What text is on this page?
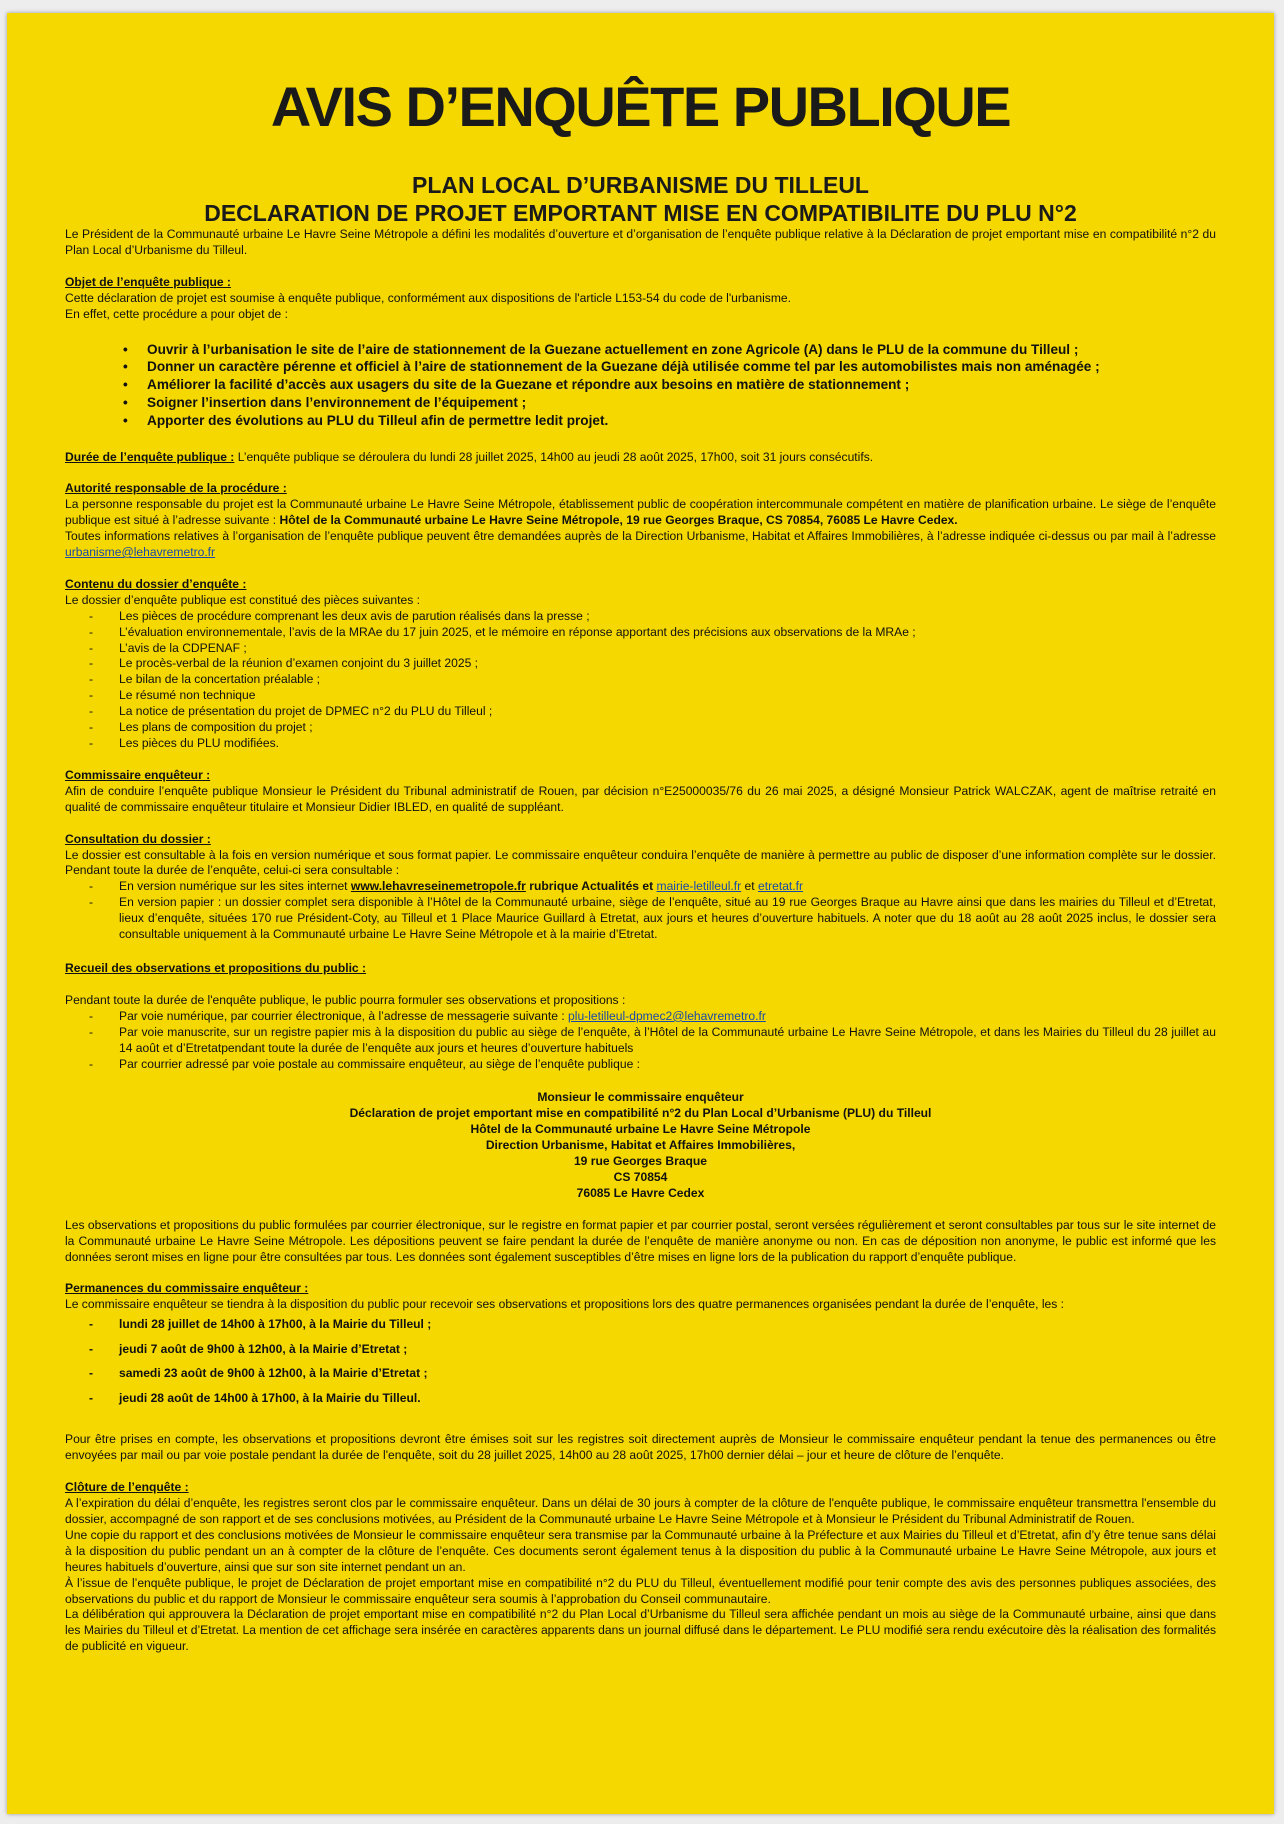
AVIS D’ENQUÊTE PUBLIQUE
PLAN LOCAL D’URBANISME DU TILLEUL
DECLARATION DE PROJET EMPORTANT MISE EN COMPATIBILITE DU PLU N°2

Le Président de la Communauté urbaine Le Havre Seine Métropole a défini les modalités d’ouverture et d’organisation de l’enquête publique relative à la Déclaration de projet emportant mise en compatibilité n°2 du Plan Local d’Urbanisme du Tilleul.

Objet de l’enquête publique :

Cette déclaration de projet est soumise à enquête publique, conformément aux dispositions de l'article L153-54 du code de l'urbanisme.

En effet, cette procédure a pour objet de :

• Ouvrir à l’urbanisation le site de l’aire de stationnement de la Guezane actuellement en zone Agricole (A) dans le PLU de la commune du Tilleul ;
• Donner un caractère pérenne et officiel à l’aire de stationnement de la Guezane déjà utilisée comme tel par les automobilistes mais non aménagée ;
• Améliorer la facilité d’accès aux usagers du site de la Guezane et répondre aux besoins en matière de stationnement ;
• Soigner l’insertion dans l’environnement de l’équipement ;
• Apporter des évolutions au PLU du Tilleul afin de permettre ledit projet.

Durée de l’enquête publique : L’enquête publique se déroulera du lundi 28 juillet 2025, 14h00 au jeudi 28 août 2025, 17h00, soit 31 jours consécutifs.

Autorité responsable de la procédure :

La personne responsable du projet est la Communauté urbaine Le Havre Seine Métropole, établissement public de coopération intercommunale compétent en matière de planification urbaine. Le siège de l’enquête publique est situé à l’adresse suivante : Hôtel de la Communauté urbaine Le Havre Seine Métropole, 19 rue Georges Braque, CS 70854, 76085 Le Havre Cedex.

Toutes informations relatives à l’organisation de l’enquête publique peuvent être demandées auprès de la Direction Urbanisme, Habitat et Affaires Immobilières, à l’adresse indiquée ci-dessus ou par mail à l’adresse urbanisme@lehavremetro.fr

Contenu du dossier d’enquête :

Le dossier d’enquête publique est constitué des pièces suivantes :

- Les pièces de procédure comprenant les deux avis de parution réalisés dans la presse ;
- L’évaluation environnementale, l’avis de la MRAe du 17 juin 2025, et le mémoire en réponse apportant des précisions aux observations de la MRAe ;
- L’avis de la CDPENAF ;
- Le procès-verbal de la réunion d’examen conjoint du 3 juillet 2025 ;
- Le bilan de la concertation préalable ;
- Le résumé non technique
- La notice de présentation du projet de DPMEC n°2 du PLU du Tilleul ;
- Les plans de composition du projet ;
- Les pièces du PLU modifiées.

Commissaire enquêteur :

Afin de conduire l’enquête publique Monsieur le Président du Tribunal administratif de Rouen, par décision n°E25000035/76 du 26 mai 2025, a désigné Monsieur Patrick WALCZAK, agent de maîtrise retraité en qualité de commissaire enquêteur titulaire et Monsieur Didier IBLED, en qualité de suppléant.

Consultation du dossier :

Le dossier est consultable à la fois en version numérique et sous format papier. Le commissaire enquêteur conduira l’enquête de manière à permettre au public de disposer d’une information complète sur le dossier. Pendant toute la durée de l’enquête, celui-ci sera consultable :

- En version numérique sur les sites internet www.lehavreseinemetropole.fr rubrique Actualités et mairie-letilleul.fr et etretat.fr
- En version papier : un dossier complet sera disponible à l’Hôtel de la Communauté urbaine, siège de l’enquête, situé au 19 rue Georges Braque au Havre ainsi que dans les mairies du Tilleul et d’Etretat, lieux d’enquête, situées 170 rue Président-Coty, au Tilleul et 1 Place Maurice Guillard à Etretat, aux jours et heures d’ouverture habituels. A noter que du 18 août au 28 août 2025 inclus, le dossier sera consultable uniquement à la Communauté urbaine Le Havre Seine Métropole et à la mairie d’Etretat.

Recueil des observations et propositions du public :

Pendant toute la durée de l'enquête publique, le public pourra formuler ses observations et propositions :

- Par voie numérique, par courrier électronique, à l’adresse de messagerie suivante : plu-letilleul-dpmec2@lehavremetro.fr
- Par voie manuscrite, sur un registre papier mis à la disposition du public au siège de l’enquête, à l’Hôtel de la Communauté urbaine Le Havre Seine Métropole, et dans les Mairies du Tilleul du 28 juillet au 14 août et d’Etretatpendant toute la durée de l’enquête aux jours et heures d’ouverture habituels
- Par courrier adressé par voie postale au commissaire enquêteur, au siège de l’enquête publique :
Monsieur le commissaire enquêteur
Déclaration de projet emportant mise en compatibilité n°2 du Plan Local d’Urbanisme (PLU) du Tilleul
Hôtel de la Communauté urbaine Le Havre Seine Métropole
Direction Urbanisme, Habitat et Affaires Immobilières,
19 rue Georges Braque
CS 70854
76085 Le Havre Cedex

Les observations et propositions du public formulées par courrier électronique, sur le registre en format papier et par courrier postal, seront versées régulièrement et seront consultables par tous sur le site internet de la Communauté urbaine Le Havre Seine Métropole. Les dépositions peuvent se faire pendant la durée de l’enquête de manière anonyme ou non. En cas de déposition non anonyme, le public est informé que les données seront mises en ligne pour être consultées par tous. Les données sont également susceptibles d’être mises en ligne lors de la publication du rapport d’enquête publique.

Permanences du commissaire enquêteur :

Le commissaire enquêteur se tiendra à la disposition du public pour recevoir ses observations et propositions lors des quatre permanences organisées pendant la durée de l’enquête, les :

- lundi 28 juillet de 14h00 à 17h00, à la Mairie du Tilleul ;
- jeudi 7 août de 9h00 à 12h00, à la Mairie d’Etretat ;
- samedi 23 août de 9h00 à 12h00, à la Mairie d’Etretat ;
- jeudi 28 août de 14h00 à 17h00, à la Mairie du Tilleul.

Pour être prises en compte, les observations et propositions devront être émises soit sur les registres soit directement auprès de Monsieur le commissaire enquêteur pendant la tenue des permanences ou être envoyées par mail ou par voie postale pendant la durée de l'enquête, soit du 28 juillet 2025, 14h00 au 28 août 2025, 17h00 dernier délai – jour et heure de clôture de l’enquête.

Clôture de l’enquête :

A l’expiration du délai d’enquête, les registres seront clos par le commissaire enquêteur. Dans un délai de 30 jours à compter de la clôture de l'enquête publique, le commissaire enquêteur transmettra l'ensemble du dossier, accompagné de son rapport et de ses conclusions motivées, au Président de la Communauté urbaine Le Havre Seine Métropole et à Monsieur le Président du Tribunal Administratif de Rouen.

Une copie du rapport et des conclusions motivées de Monsieur le commissaire enquêteur sera transmise par la Communauté urbaine à la Préfecture et aux Mairies du Tilleul et d’Etretat, afin d’y être tenue sans délai à la disposition du public pendant un an à compter de la clôture de l’enquête. Ces documents seront également tenus à la disposition du public à la Communauté urbaine Le Havre Seine Métropole, aux jours et heures habituels d’ouverture, ainsi que sur son site internet pendant un an.

À l’issue de l’enquête publique, le projet de Déclaration de projet emportant mise en compatibilité n°2 du PLU du Tilleul, éventuellement modifié pour tenir compte des avis des personnes publiques associées, des observations du public et du rapport de Monsieur le commissaire enquêteur sera soumis à l’approbation du Conseil communautaire.

La délibération qui approuvera la Déclaration de projet emportant mise en compatibilité n°2 du Plan Local d’Urbanisme du Tilleul sera affichée pendant un mois au siège de la Communauté urbaine, ainsi que dans les Mairies du Tilleul et d’Etretat. La mention de cet affichage sera insérée en caractères apparents dans un journal diffusé dans le département. Le PLU modifié sera rendu exécutoire dès la réalisation des formalités de publicité en vigueur.
